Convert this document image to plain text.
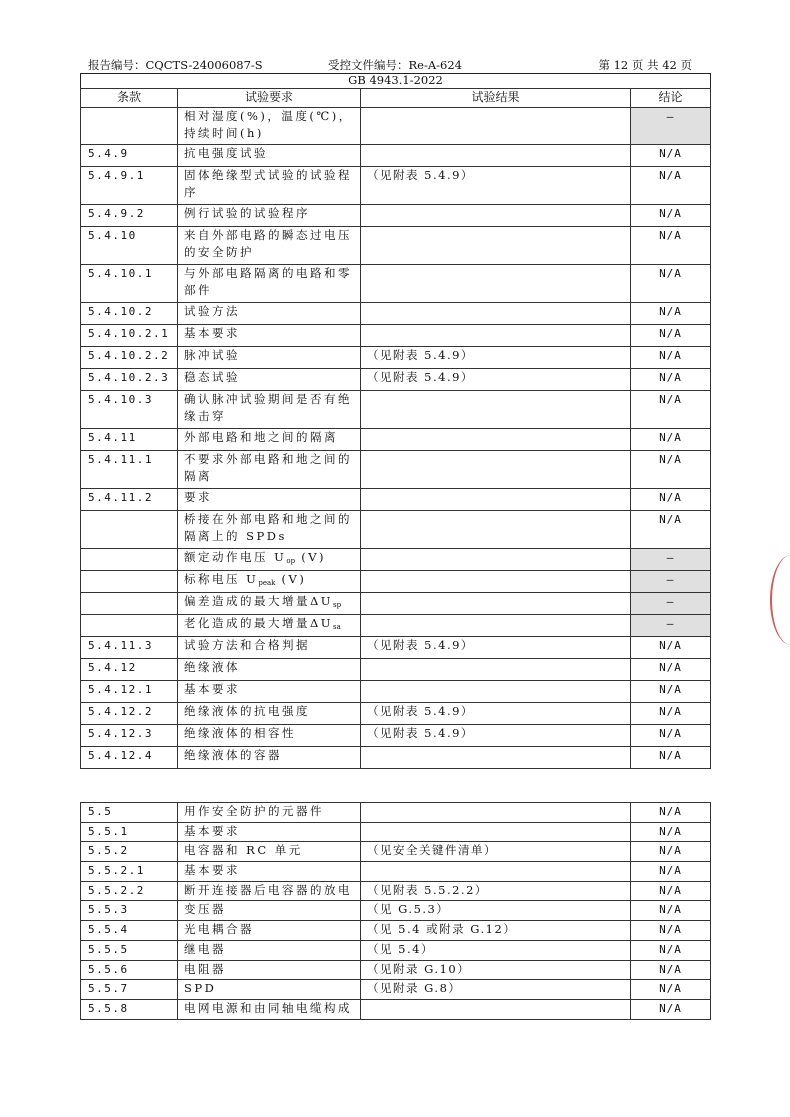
报告编号：CQCTS-24006087-S	受控文件编号：Re-A-624	第 12 页 共 42 页
GB 4943.1-2022
条款	试验要求	试验结果	结论
	相对湿度(%)，温度(℃)，持续时间(h)		—
5.4.9	抗电强度试验		N/A
5.4.9.1	固体绝缘型式试验的试验程序	（见附表 5.4.9）	N/A
5.4.9.2	例行试验的试验程序		N/A
5.4.10	来自外部电路的瞬态过电压的安全防护		N/A
5.4.10.1	与外部电路隔离的电路和零部件		N/A
5.4.10.2	试验方法		N/A
5.4.10.2.1	基本要求		N/A
5.4.10.2.2	脉冲试验	（见附表 5.4.9）	N/A
5.4.10.2.3	稳态试验	（见附表 5.4.9）	N/A
5.4.10.3	确认脉冲试验期间是否有绝缘击穿		N/A
5.4.11	外部电路和地之间的隔离		N/A
5.4.11.1	不要求外部电路和地之间的隔离		N/A
5.4.11.2	要求		N/A
	桥接在外部电路和地之间的隔离上的 SPDs		N/A
	额定动作电压 $U_{op}$ (V)		—
	标称电压 $U_{peak}$ (V)		—
	偏差造成的最大增量$\Delta U_{sp}$		—
	老化造成的最大增量$\Delta U_{sa}$		—
5.4.11.3	试验方法和合格判据	（见附表 5.4.9）	N/A
5.4.12	绝缘液体		N/A
5.4.12.1	基本要求		N/A
5.4.12.2	绝缘液体的抗电强度	（见附表 5.4.9）	N/A
5.4.12.3	绝缘液体的相容性	（见附表 5.4.9）	N/A
5.4.12.4	绝缘液体的容器		N/A
5.5	用作安全防护的元器件		N/A
5.5.1	基本要求		N/A
5.5.2	电容器和 RC 单元	（见安全关键件清单）	N/A
5.5.2.1	基本要求		N/A
5.5.2.2	断开连接器后电容器的放电	（见附表 5.5.2.2）	N/A
5.5.3	变压器	（见 G.5.3）	N/A
5.5.4	光电耦合器	（见 5.4 或附录 G.12）	N/A
5.5.5	继电器	（见 5.4）	N/A
5.5.6	电阻器	（见附录 G.10）	N/A
5.5.7	SPD	（见附录 G.8）	N/A
5.5.8	电网电源和由同轴电缆构成		N/A
